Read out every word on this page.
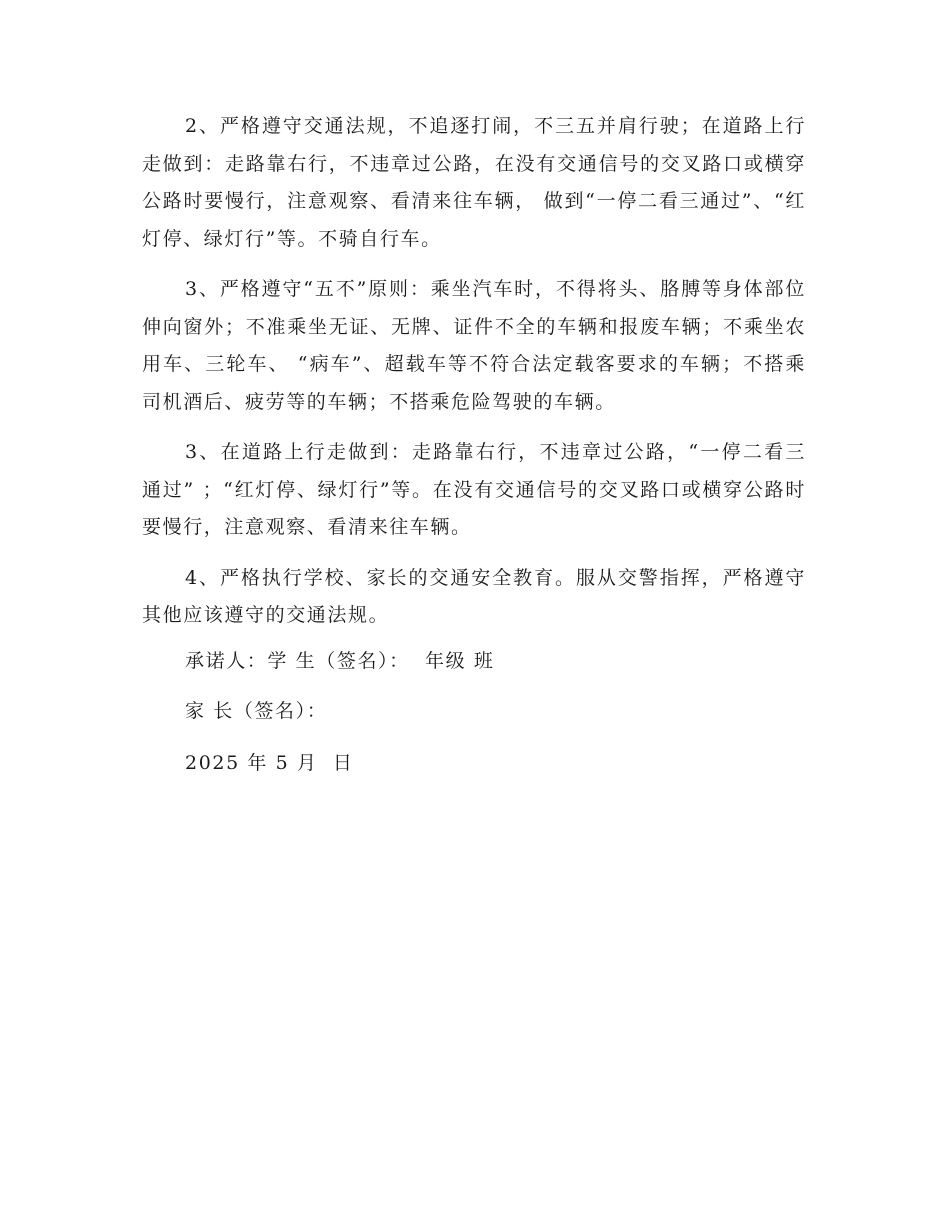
2、严格遵守交通法规，不追逐打闹，不三五并肩行驶；在道路上行走做到：走路靠右行，不违章过公路，在没有交通信号的交叉路口或横穿公路时要慢行，注意观察、看清来往车辆， 做到“一停二看三通过”、“红灯停、绿灯行”等。不骑自行车。

3、严格遵守“五不”原则：乘坐汽车时，不得将头、胳膊等身体部位伸向窗外；不准乘坐无证、无牌、证件不全的车辆和报废车辆；不乘坐农用车、三轮车、 “病车”、超载车等不符合法定载客要求的车辆；不搭乘司机酒后、疲劳等的车辆；不搭乘危险驾驶的车辆。

3、在道路上行走做到：走路靠右行，不违章过公路，“一停二看三通过” ；“红灯停、绿灯行”等。在没有交通信号的交叉路口或横穿公路时要慢行，注意观察、看清来往车辆。

4、严格执行学校、家长的交通安全教育。服从交警指挥，严格遵守其他应该遵守的交通法规。

承诺人：学 生（签名）：  年级 班

家 长（签名）：

2025 年 5 月  日
